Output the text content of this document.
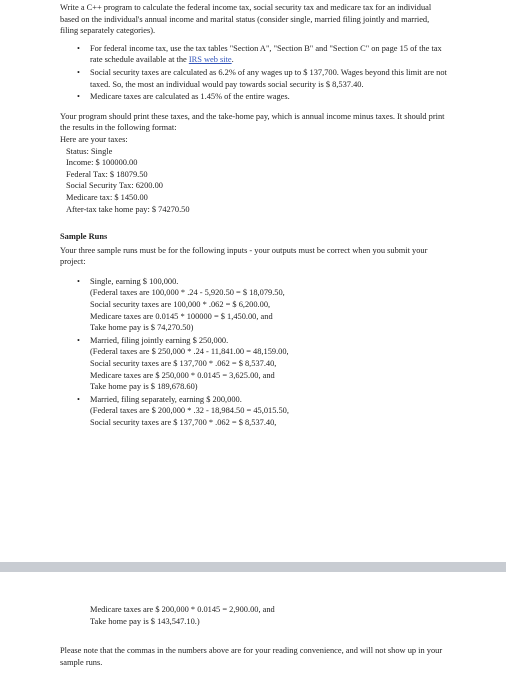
Write a C++ program to calculate the federal income tax, social security tax and medicare tax for an individual based on the individual's annual income and marital status (consider single, married filing jointly and married, filing separately categories).

• For federal income tax, use the tax tables "Section A", "Section B" and "Section C" on page 15 of the tax rate schedule available at the IRS web site.
• Social security taxes are calculated as 6.2% of any wages up to $ 137,700. Wages beyond this limit are not taxed. So, the most an individual would pay towards social security is $ 8,537.40.
• Medicare taxes are calculated as 1.45% of the entire wages.

Your program should print these taxes, and the take-home pay, which is annual income minus taxes. It should print the results in the following format:

Here are your taxes:
Status: Single
Income: $ 100000.00
Federal Tax: $ 18079.50
Social Security Tax: 6200.00
Medicare tax: $ 1450.00
After-tax take home pay: $ 74270.50

Sample Runs

Your three sample runs must be for the following inputs - your outputs must be correct when you submit your project:

• Single, earning $ 100,000.
(Federal taxes are 100,000 * .24 - 5,920.50 = $ 18,079.50,
Social security taxes are 100,000 * .062 = $ 6,200.00,
Medicare taxes are 0.0145 * 100000 = $ 1,450.00, and
Take home pay is $ 74,270.50)
• Married, filing jointly earning $ 250,000.
(Federal taxes are $ 250,000 * .24 - 11,841.00 = 48,159.00,
Social security taxes are $ 137,700 * .062 = $ 8,537.40,
Medicare taxes are $ 250,000 * 0.0145 = 3,625.00, and
Take home pay is $ 189,678.60)
• Married, filing separately, earning $ 200,000.
(Federal taxes are $ 200,000 * .32 - 18,984.50 = 45,015.50,
Social security taxes are $ 137,700 * .062 = $ 8,537.40,
Medicare taxes are $ 200,000 * 0.0145 = 2,900.00, and
Take home pay is $ 143,547.10.)

Please note that the commas in the numbers above are for your reading convenience, and will not show up in your sample runs.
